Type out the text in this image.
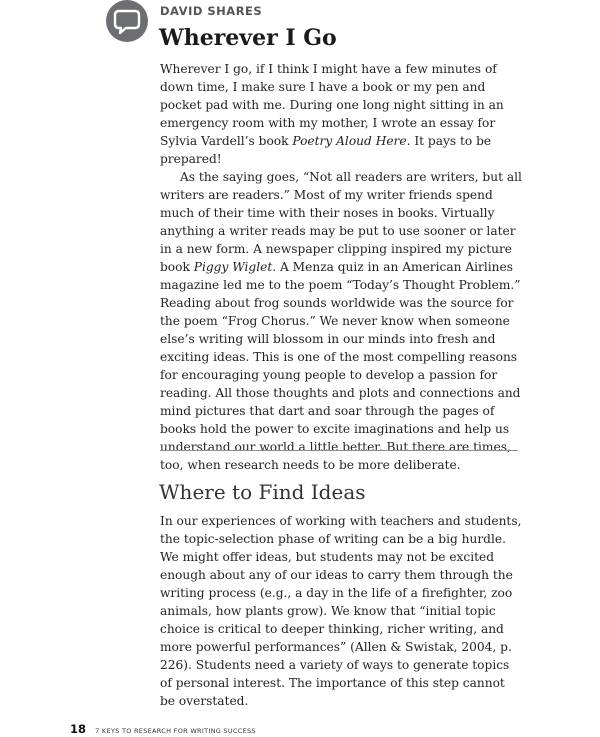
DAVID SHARES
Wherever I Go

Wherever I go, if I think I might have a few minutes of down time, I make sure I have a book or my pen and pocket pad with me. During one long night sitting in an emergency room with my mother, I wrote an essay for Sylvia Vardell’s book Poetry Aloud Here. It pays to be prepared!

As the saying goes, “Not all readers are writers, but all writers are readers.” Most of my writer friends spend much of their time with their noses in books. Virtually anything a writer reads may be put to use sooner or later in a new form. A newspaper clipping inspired my picture book Piggy Wiglet. A Menza quiz in an American Airlines magazine led me to the poem “Today’s Thought Problem.” Reading about frog sounds worldwide was the source for the poem “Frog Chorus.” We never know when someone else’s writing will blossom in our minds into fresh and exciting ideas. This is one of the most compelling reasons for encouraging young people to develop a passion for reading. All those thoughts and plots and connections and mind pictures that dart and soar through the pages of books hold the power to excite imaginations and help us understand our world a little better. But there are times, too, when research needs to be more deliberate.

Where to Find Ideas

In our experiences of working with teachers and students, the topic-selection phase of writing can be a big hurdle. We might offer ideas, but students may not be excited enough about any of our ideas to carry them through the writing process (e.g., a day in the life of a firefighter, zoo animals, how plants grow). We know that “initial topic choice is critical to deeper thinking, richer writing, and more powerful performances” (Allen & Swistak, 2004, p. 226). Students need a variety of ways to generate topics of personal interest. The importance of this step cannot be overstated.

18 7 KEYS TO RESEARCH FOR WRITING SUCCESS
